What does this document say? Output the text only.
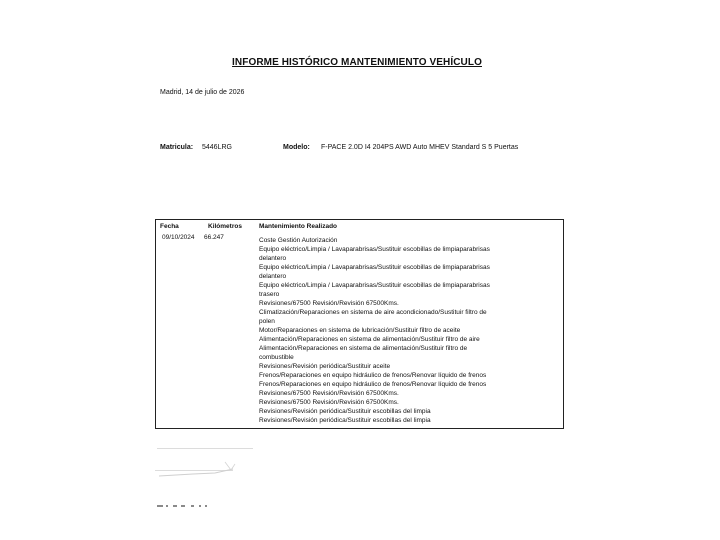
INFORME HISTÓRICO MANTENIMIENTO VEHÍCULO
Madrid, 14 de julio de 2026
Matricula: 5446LRG	Modelo: F-PACE 2.0D I4 204PS AWD Auto MHEV Standard S 5 Puertas
Fecha	Kilómetros	Mantenimiento Realizado
09/10/2024 66.247	Coste Gestión Autorización
Equipo eléctrico/Limpia / Lavaparabrisas/Sustituir escobillas de limpiaparabrisas
delantero
Equipo eléctrico/Limpia / Lavaparabrisas/Sustituir escobillas de limpiaparabrisas
delantero
Equipo eléctrico/Limpia / Lavaparabrisas/Sustituir escobillas de limpiaparabrisas
trasero
Revisiones/67500 Revisión/Revisión 67500Kms.
Climatización/Reparaciones en sistema de aire acondicionado/Sustituir filtro de
polen
Motor/Reparaciones en sistema de lubricación/Sustituir filtro de aceite
Alimentación/Reparaciones en sistema de alimentación/Sustituir filtro de aire
Alimentación/Reparaciones en sistema de alimentación/Sustituir filtro de
combustible
Revisiones/Revisión periódica/Sustituir aceite
Frenos/Reparaciones en equipo hidráulico de frenos/Renovar líquido de frenos
Frenos/Reparaciones en equipo hidráulico de frenos/Renovar líquido de frenos
Revisiones/67500 Revisión/Revisión 67500Kms.
Revisiones/67500 Revisión/Revisión 67500Kms.
Revisiones/Revisión periódica/Sustituir escobillas del limpia
Revisiones/Revisión periódica/Sustituir escobillas del limpia
